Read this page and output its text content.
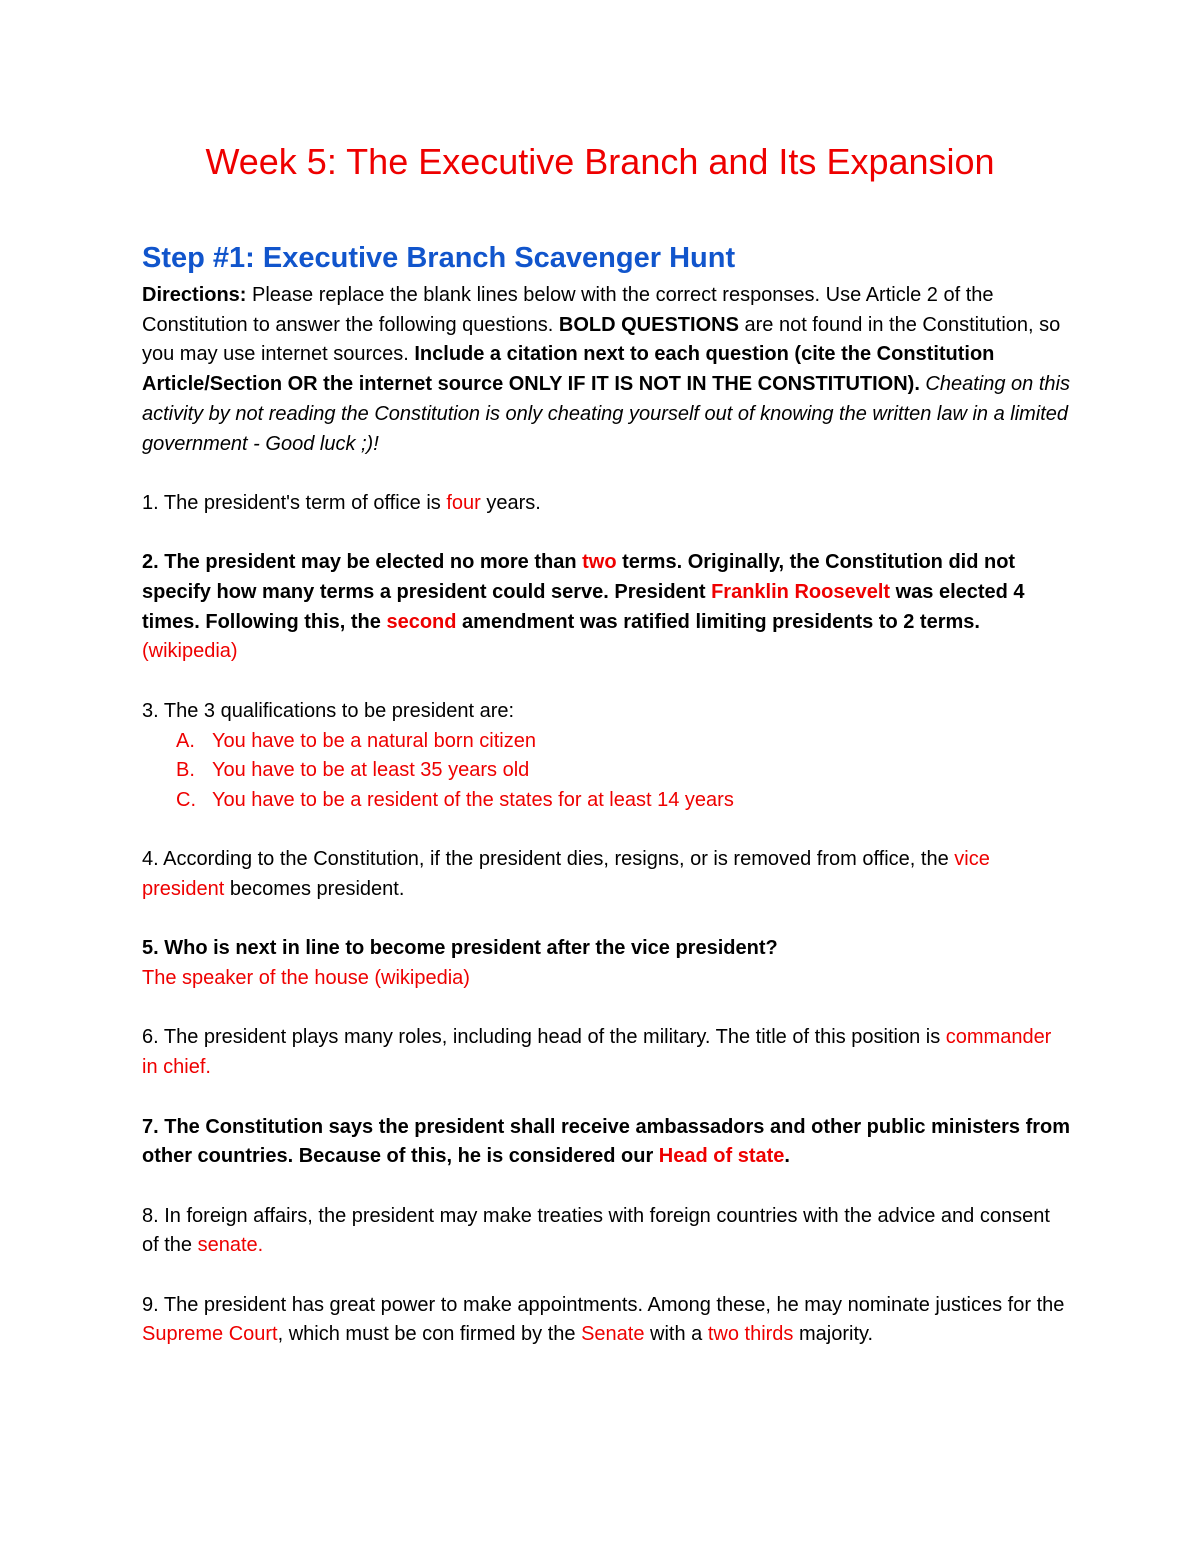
Week 5: The Executive Branch and Its Expansion
Step #1: Executive Branch Scavenger Hunt

Directions: Please replace the blank lines below with the correct responses. Use Article 2 of the Constitution to answer the following questions. BOLD QUESTIONS are not found in the Constitution, so you may use internet sources. Include a citation next to each question (cite the Constitution Article/Section OR the internet source ONLY IF IT IS NOT IN THE CONSTITUTION). Cheating on this activity by not reading the Constitution is only cheating yourself out of knowing the written law in a limited government - Good luck ;)!

1. The president's term of office is four years.

2. The president may be elected no more than two terms. Originally, the Constitution did not specify how many terms a president could serve. President Franklin Roosevelt was elected 4 times. Following this, the second amendment was ratified limiting presidents to 2 terms.

(wikipedia)

3. The 3 qualifications to be president are:
A. You have to be a natural born citizen
B. You have to be at least 35 years old
C. You have to be a resident of the states for at least 14 years

4. According to the Constitution, if the president dies, resigns, or is removed from office, the vice president becomes president.

5. Who is next in line to become president after the vice president?
The speaker of the house (wikipedia)

6. The president plays many roles, including head of the military. The title of this position is commander in chief.

7. The Constitution says the president shall receive ambassadors and other public ministers from other countries. Because of this, he is considered our Head of state.

8. In foreign affairs, the president may make treaties with foreign countries with the advice and consent of the senate.

9. The president has great power to make appointments. Among these, he may nominate justices for the Supreme Court, which must be con firmed by the Senate with a two thirds majority.
